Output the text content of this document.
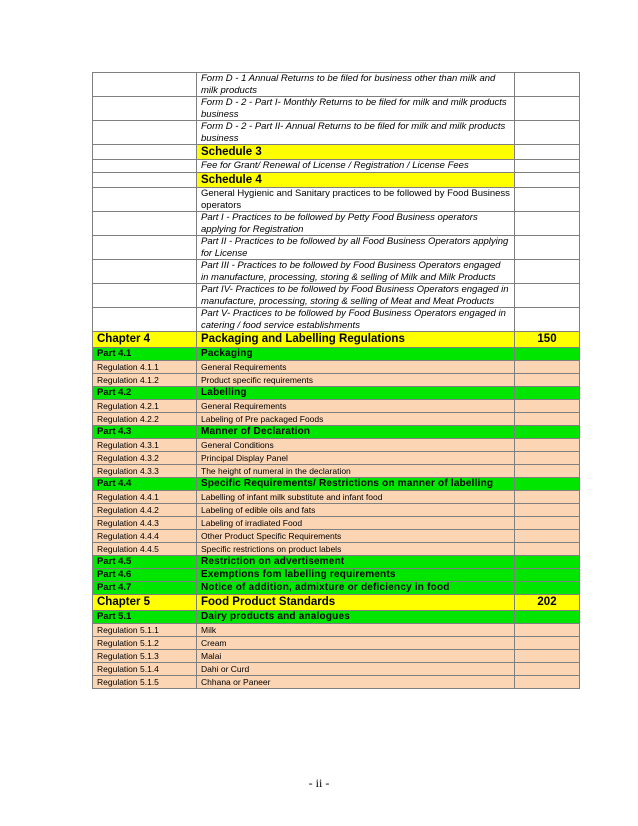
	Form D - 1 Annual Returns to be filed for business other than milk and milk products	
	Form D - 2 - Part I- Monthly Returns to be filed for milk and milk products business	
	Form D - 2 - Part II- Annual Returns to be filed for milk and milk products business	
	Schedule 3	
	Fee for Grant/ Renewal of License / Registration / License Fees	
	Schedule 4	
	General Hygienic and Sanitary practices to be followed by Food Business operators	
	Part I - Practices to be followed by Petty Food Business operators applying for Registration	
	Part II - Practices to be followed by all Food Business Operators applying for License	
	Part III - Practices to be followed by Food Business Operators engaged in manufacture, processing, storing & selling of Milk and Milk Products	
	Part IV- Practices to be followed by Food Business Operators engaged in manufacture, processing, storing & selling of Meat and Meat Products	
	Part V- Practices to be followed by Food Business Operators engaged in catering / food service establishments	
Chapter 4	Packaging and Labelling Regulations	150
Part 4.1	Packaging	
Regulation 4.1.1	General Requirements	
Regulation 4.1.2	Product specific requirements	
Part 4.2	Labelling	
Regulation 4.2.1	General Requirements	
Regulation 4.2.2	Labeling of Pre packaged Foods	
Part 4.3	Manner of Declaration	
Regulation 4.3.1	General Conditions	
Regulation 4.3.2	Principal Display Panel	
Regulation 4.3.3	The height of numeral in the declaration	
Part 4.4	Specific Requirements/ Restrictions on manner of labelling	
Regulation 4.4.1	Labelling of infant milk substitute and infant food	
Regulation 4.4.2	Labeling of edible oils and fats	
Regulation 4.4.3	Labeling of irradiated Food	
Regulation 4.4.4	Other Product Specific Requirements	
Regulation 4.4.5	Specific restrictions on product labels	
Part 4.5	Restriction on advertisement	
Part 4.6	Exemptions fom labelling requirements	
Part 4.7	Notice of addition, admixture or deficiency in food	
Chapter 5	Food Product Standards	202
Part 5.1	Dairy products and analogues	
Regulation 5.1.1	Milk	
Regulation 5.1.2	Cream	
Regulation 5.1.3	Malai	
Regulation 5.1.4	Dahi or Curd	
Regulation 5.1.5	Chhana or Paneer	
- ii -
